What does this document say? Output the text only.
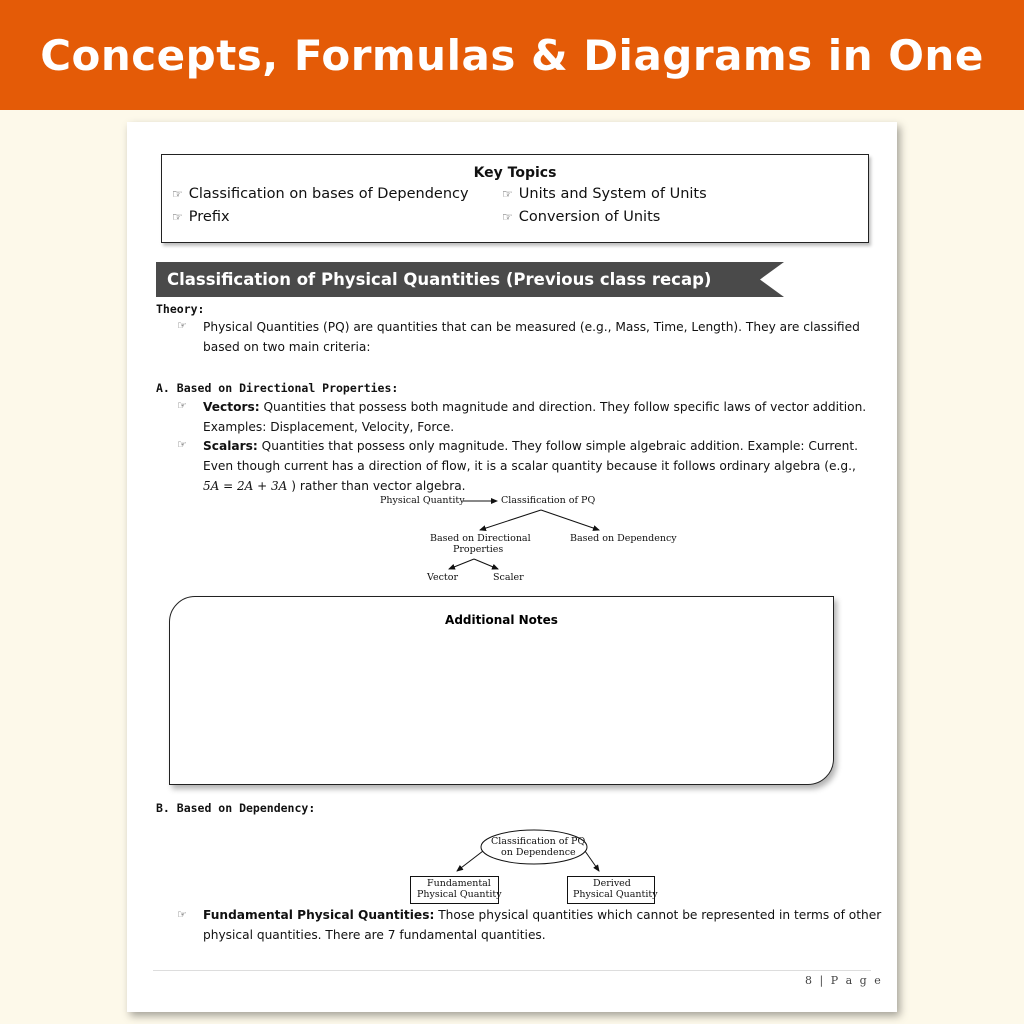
Concepts, Formulas & Diagrams in One
Key Topics
☞ Classification on bases of Dependency	☞ Units and System of Units
☞ Prefix	☞ Conversion of Units
Classification of Physical Quantities (Previous class recap)
Theory:
☞ Physical Quantities (PQ) are quantities that can be measured (e.g., Mass, Time, Length). They are classified
based on two main criteria:
A. Based on Directional Properties:
☞ Vectors: Quantities that possess both magnitude and direction. They follow specific laws of vector addition.
Examples: Displacement, Velocity, Force.
☞ Scalars: Quantities that possess only magnitude. They follow simple algebraic addition. Example: Current.
Even though current has a direction of flow, it is a scalar quantity because it follows ordinary algebra (e.g.,
5A = 2A + 3A ) rather than vector algebra.
Physical Quantity	Classification of PQ
Based on Directional
Properties
Based on Dependency
Vector	Scaler
Additional Notes
B. Based on Dependency:
Classification of PQ
on Dependence
Fundamental
Physical Quantity
Derived
Physical Quantity
☞ Fundamental Physical Quantities: Those physical quantities which cannot be represented in terms of other
physical quantities. There are 7 fundamental quantities.
8 | P a g e
